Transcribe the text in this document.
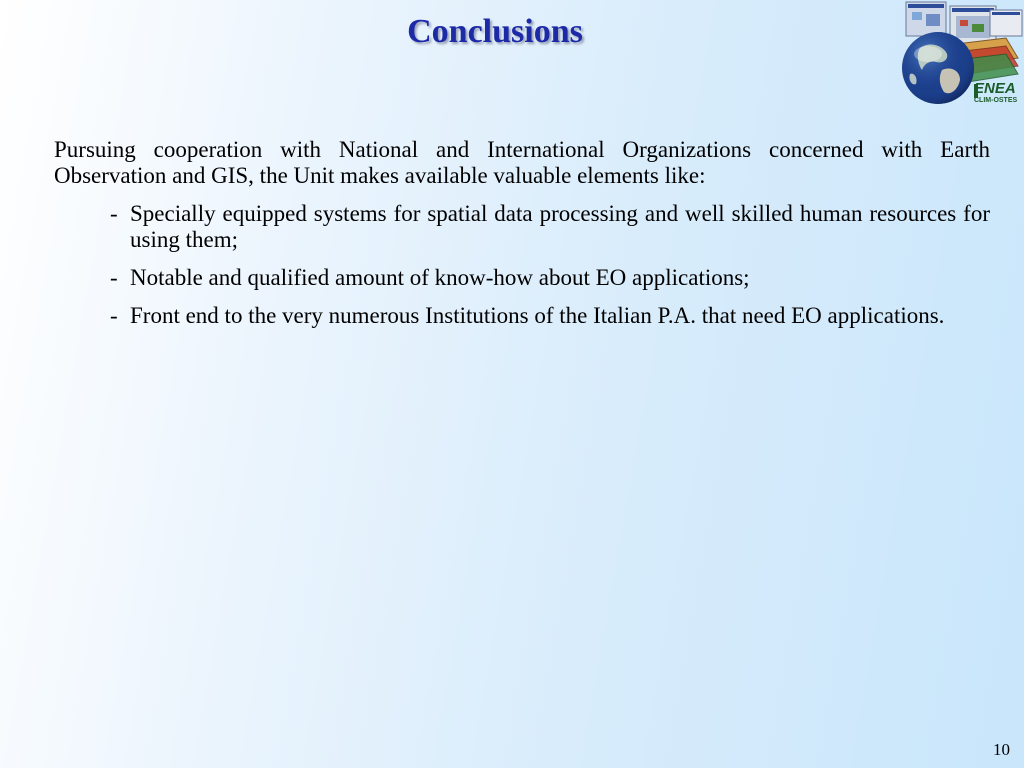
Conclusions
ENEA
CLIM-OSTES

Pursuing cooperation with National and International Organizations concerned with Earth Observation and GIS, the Unit makes available valuable elements like:

- Specially equipped systems for spatial data processing and well skilled human resources for using them;
- Notable and qualified amount of know-how about EO applications;
- Front end to the very numerous Institutions of the Italian P.A. that need EO applications.
10
